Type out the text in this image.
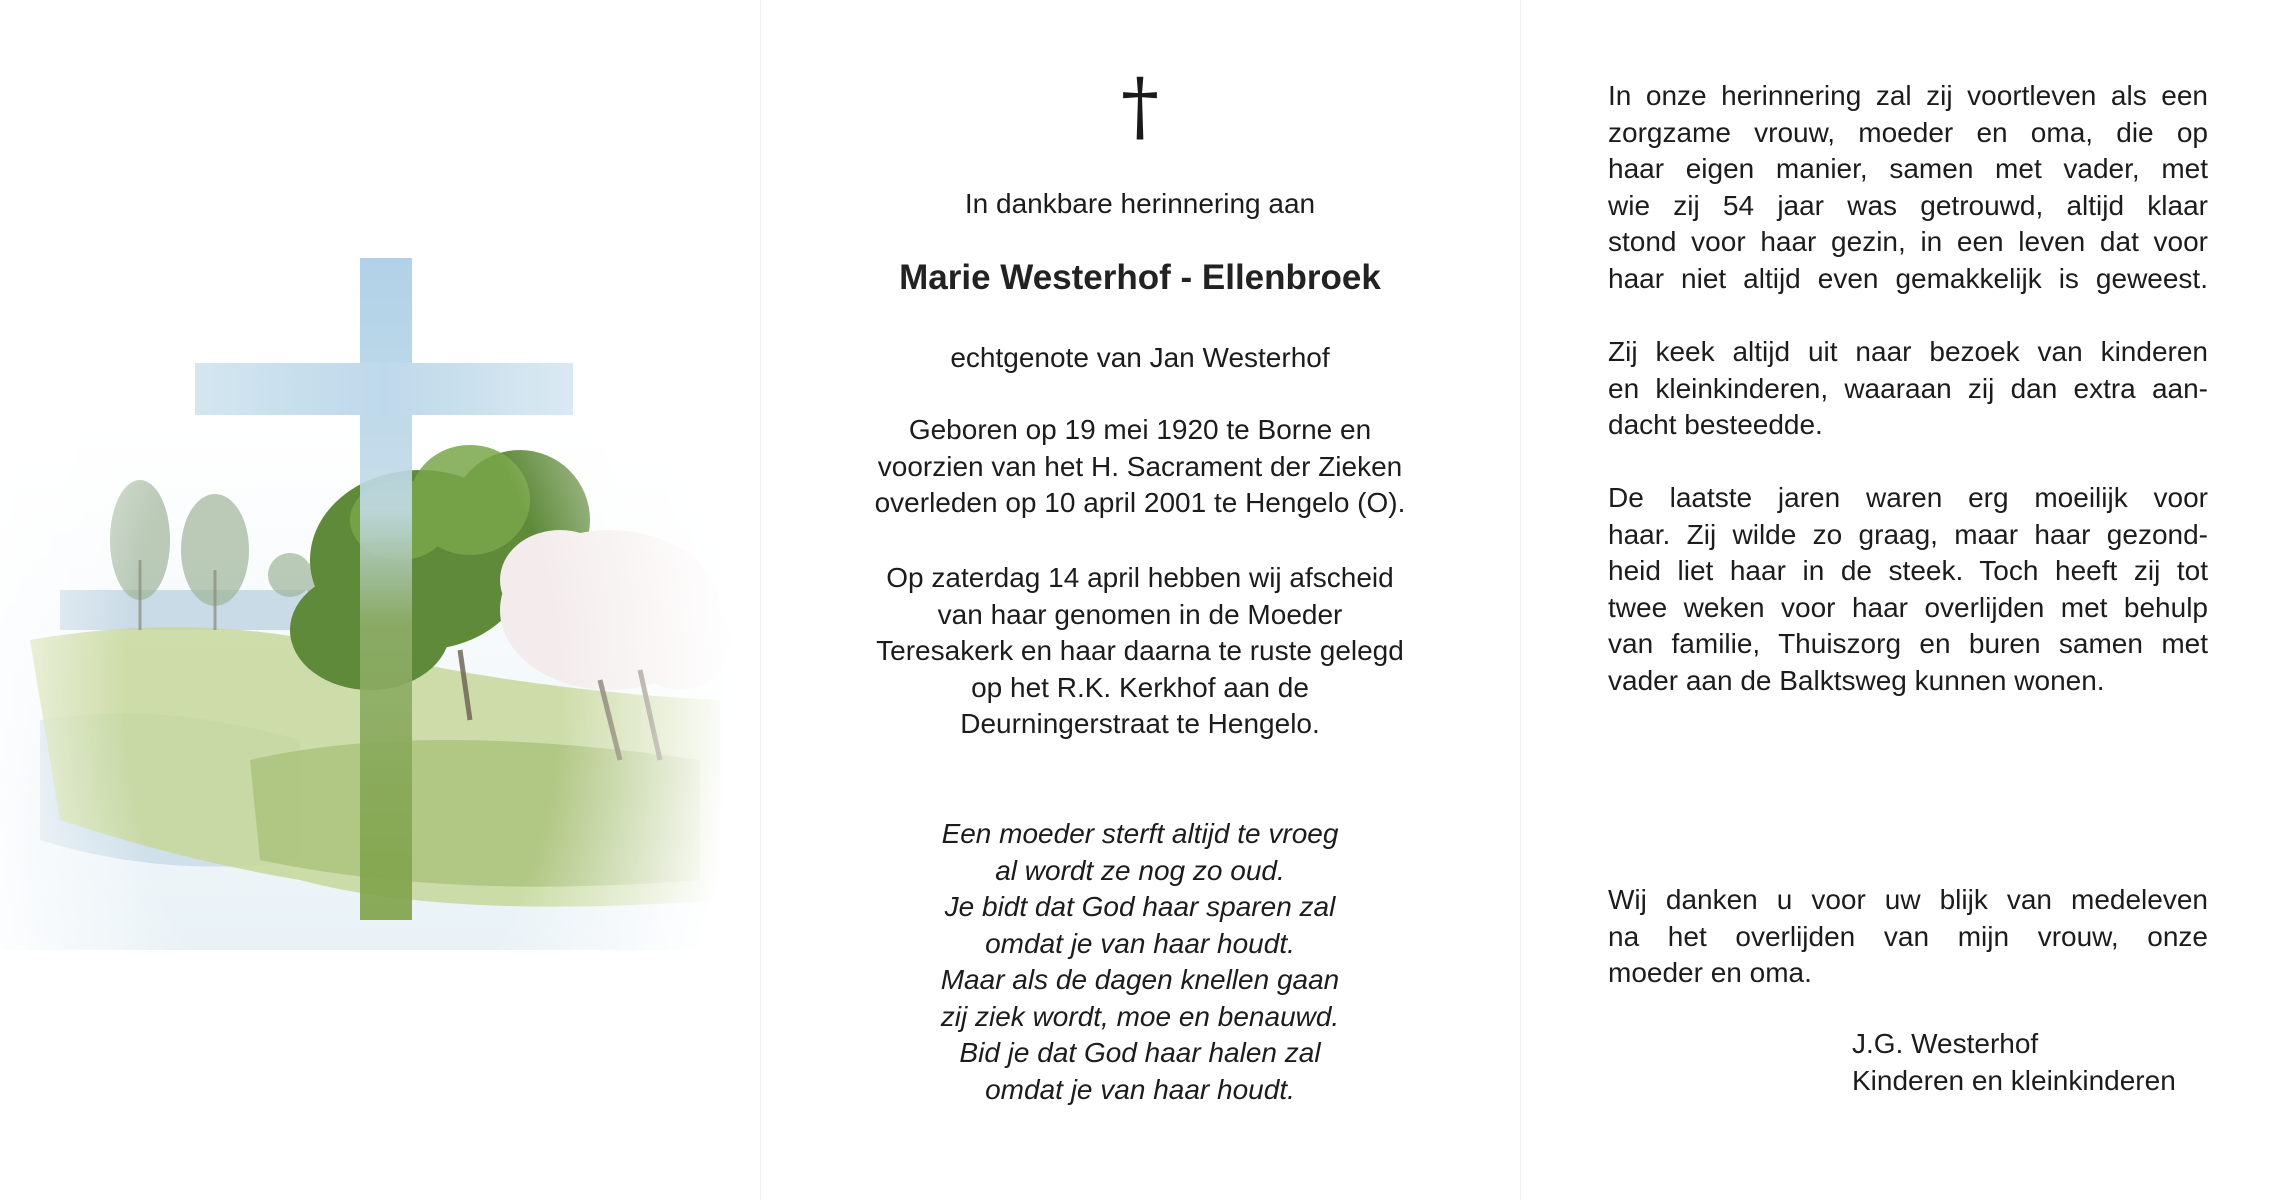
†
In dankbare herinnering aan
Marie Westerhof - Ellenbroek
echtgenote van Jan Westerhof
Geboren op 19 mei 1920 te Borne en
voorzien van het H. Sacrament der Zieken
overleden op 10 april 2001 te Hengelo (O).
Op zaterdag 14 april hebben wij afscheid
van haar genomen in de Moeder
Teresakerk en haar daarna te ruste gelegd
op het R.K. Kerkhof aan de
Deurningerstraat te Hengelo.
Een moeder sterft altijd te vroeg
al wordt ze nog zo oud.
Je bidt dat God haar sparen zal
omdat je van haar houdt.
Maar als de dagen knellen gaan
zij ziek wordt, moe en benauwd.
Bid je dat God haar halen zal
omdat je van haar houdt.
In onze herinnering zal zij voortleven als een
zorgzame vrouw, moeder en oma, die op
haar eigen manier, samen met vader, met
wie zij 54 jaar was getrouwd, altijd klaar
stond voor haar gezin, in een leven dat voor
haar niet altijd even gemakkelijk is geweest.
Zij keek altijd uit naar bezoek van kinderen
en kleinkinderen, waaraan zij dan extra aan-
dacht besteedde.
De laatste jaren waren erg moeilijk voor
haar. Zij wilde zo graag, maar haar gezond-
heid liet haar in de steek. Toch heeft zij tot
twee weken voor haar overlijden met behulp
van familie, Thuiszorg en buren samen met
vader aan de Balktsweg kunnen wonen.
Wij danken u voor uw blijk van medeleven
na het overlijden van mijn vrouw, onze
moeder en oma.
J.G. Westerhof
Kinderen en kleinkinderen
